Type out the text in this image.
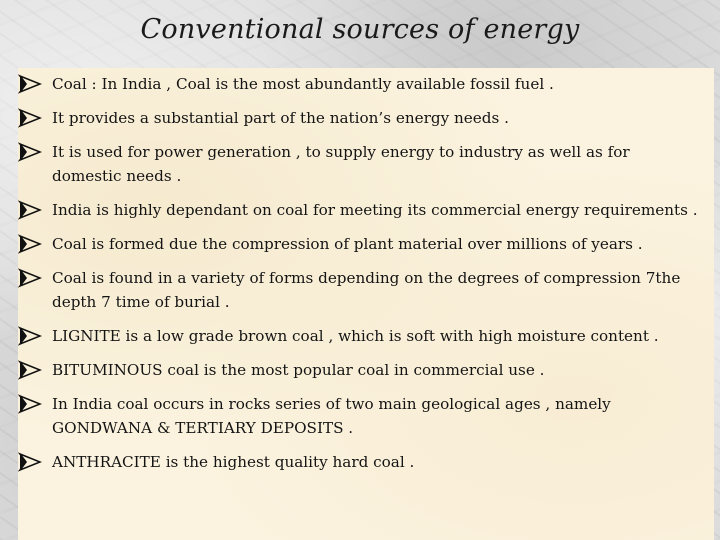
Conventional sources of energy
Coal : In India , Coal is the most abundantly available fossil fuel .
It provides a substantial part of the nation’s energy needs .
It is used for power generation , to supply energy to industry as well as for domestic needs .
India is highly dependant on coal for meeting its commercial energy requirements .
Coal is formed due the compression of plant material over millions of years .
Coal is found in a variety of forms depending on the degrees of compression 7the depth 7 time of burial .
LIGNITE is a low grade brown coal , which is soft with high moisture content .
BITUMINOUS coal is the most popular coal in commercial use .
In India coal occurs in rocks series of two main geological ages , namely GONDWANA & TERTIARY DEPOSITS .
ANTHRACITE is the highest quality hard coal .
